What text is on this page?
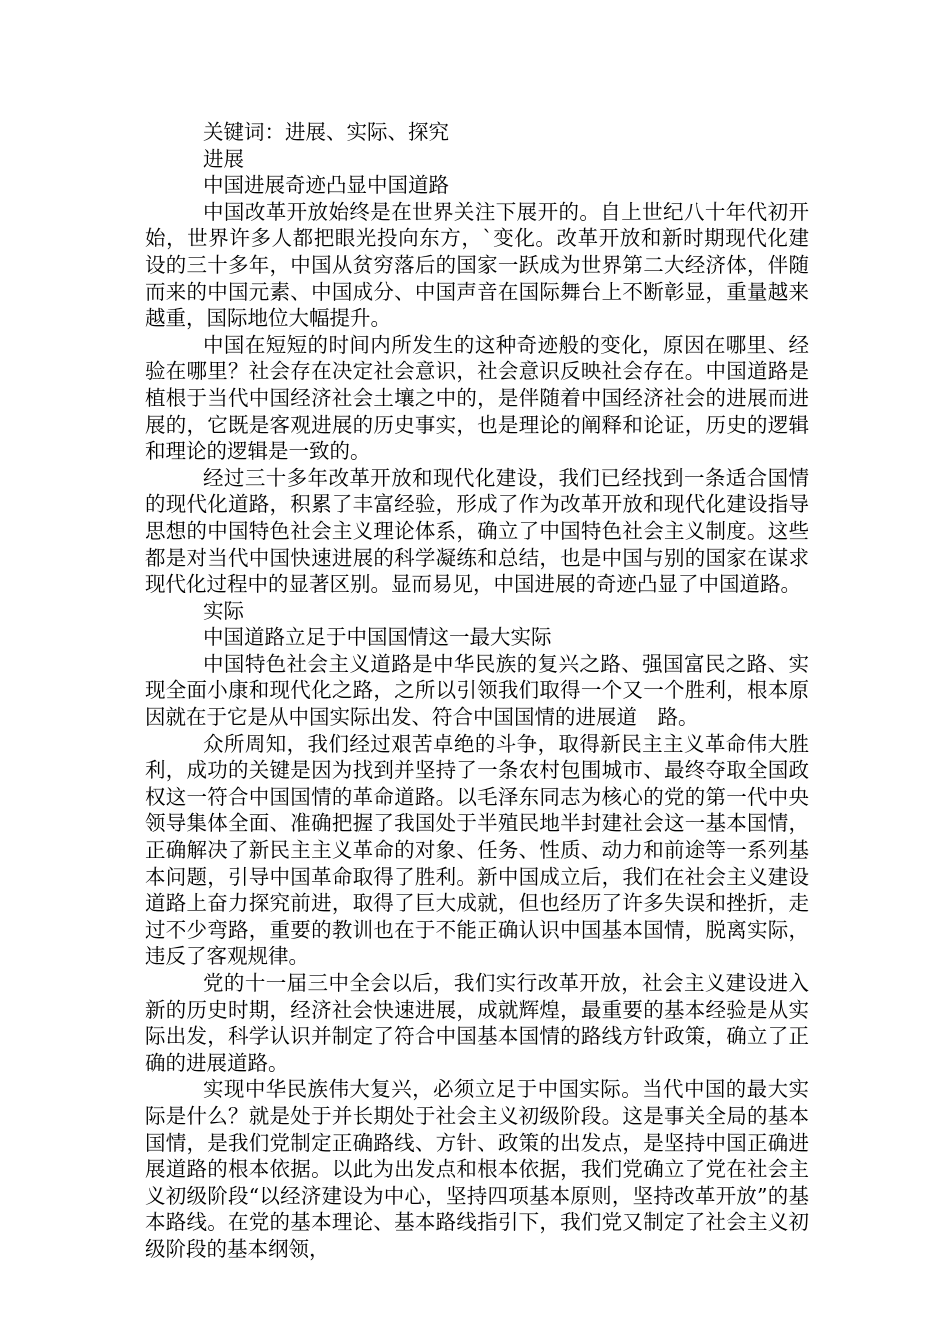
关键词：进展、实际、探究
进展
中国进展奇迹凸显中国道路

中国改革开放始终是在世界关注下展开的。自上世纪八十年代初开始，世界许多人都把眼光投向东方，`变化。改革开放和新时期现代化建设的三十多年，中国从贫穷落后的国家一跃成为世界第二大经济体，伴随而来的中国元素、中国成分、中国声音在国际舞台上不断彰显，重量越来越重，国际地位大幅提升。

中国在短短的时间内所发生的这种奇迹般的变化，原因在哪里、经验在哪里？社会存在决定社会意识，社会意识反映社会存在。中国道路是植根于当代中国经济社会土壤之中的，是伴随着中国经济社会的进展而进展的，它既是客观进展的历史事实，也是理论的阐释和论证，历史的逻辑和理论的逻辑是一致的。

经过三十多年改革开放和现代化建设，我们已经找到一条适合国情的现代化道路，积累了丰富经验，形成了作为改革开放和现代化建设指导思想的中国特色社会主义理论体系，确立了中国特色社会主义制度。这些都是对当代中国快速进展的科学凝练和总结，也是中国与别的国家在谋求现代化过程中的显著区别。显而易见，中国进展的奇迹凸显了中国道路。

实际
中国道路立足于中国国情这一最大实际

中国特色社会主义道路是中华民族的复兴之路、强国富民之路、实现全面小康和现代化之路，之所以引领我们取得一个又一个胜利，根本原因就在于它是从中国实际出发、符合中国国情的进展道　路。

众所周知，我们经过艰苦卓绝的斗争，取得新民主主义革命伟大胜利，成功的关键是因为找到并坚持了一条农村包围城市、最终夺取全国政权这一符合中国国情的革命道路。以毛泽东同志为核心的党的第一代中央领导集体全面、准确把握了我国处于半殖民地半封建社会这一基本国情，正确解决了新民主主义革命的对象、任务、性质、动力和前途等一系列基本问题，引导中国革命取得了胜利。新中国成立后，我们在社会主义建设道路上奋力探究前进，取得了巨大成就，但也经历了许多失误和挫折，走过不少弯路，重要的教训也在于不能正确认识中国基本国情，脱离实际，违反了客观规律。

党的十一届三中全会以后，我们实行改革开放，社会主义建设进入新的历史时期，经济社会快速进展，成就辉煌，最重要的基本经验是从实际出发，科学认识并制定了符合中国基本国情的路线方针政策，确立了正确的进展道路。

实现中华民族伟大复兴，必须立足于中国实际。当代中国的最大实际是什么？就是处于并长期处于社会主义初级阶段。这是事关全局的基本国情，是我们党制定正确路线、方针、政策的出发点，是坚持中国正确进展道路的根本依据。以此为出发点和根本依据，我们党确立了党在社会主义初级阶段“以经济建设为中心，坚持四项基本原则，坚持改革开放”的基本路线。在党的基本理论、基本路线指引下，我们党又制定了社会主义初级阶段的基本纲领，
